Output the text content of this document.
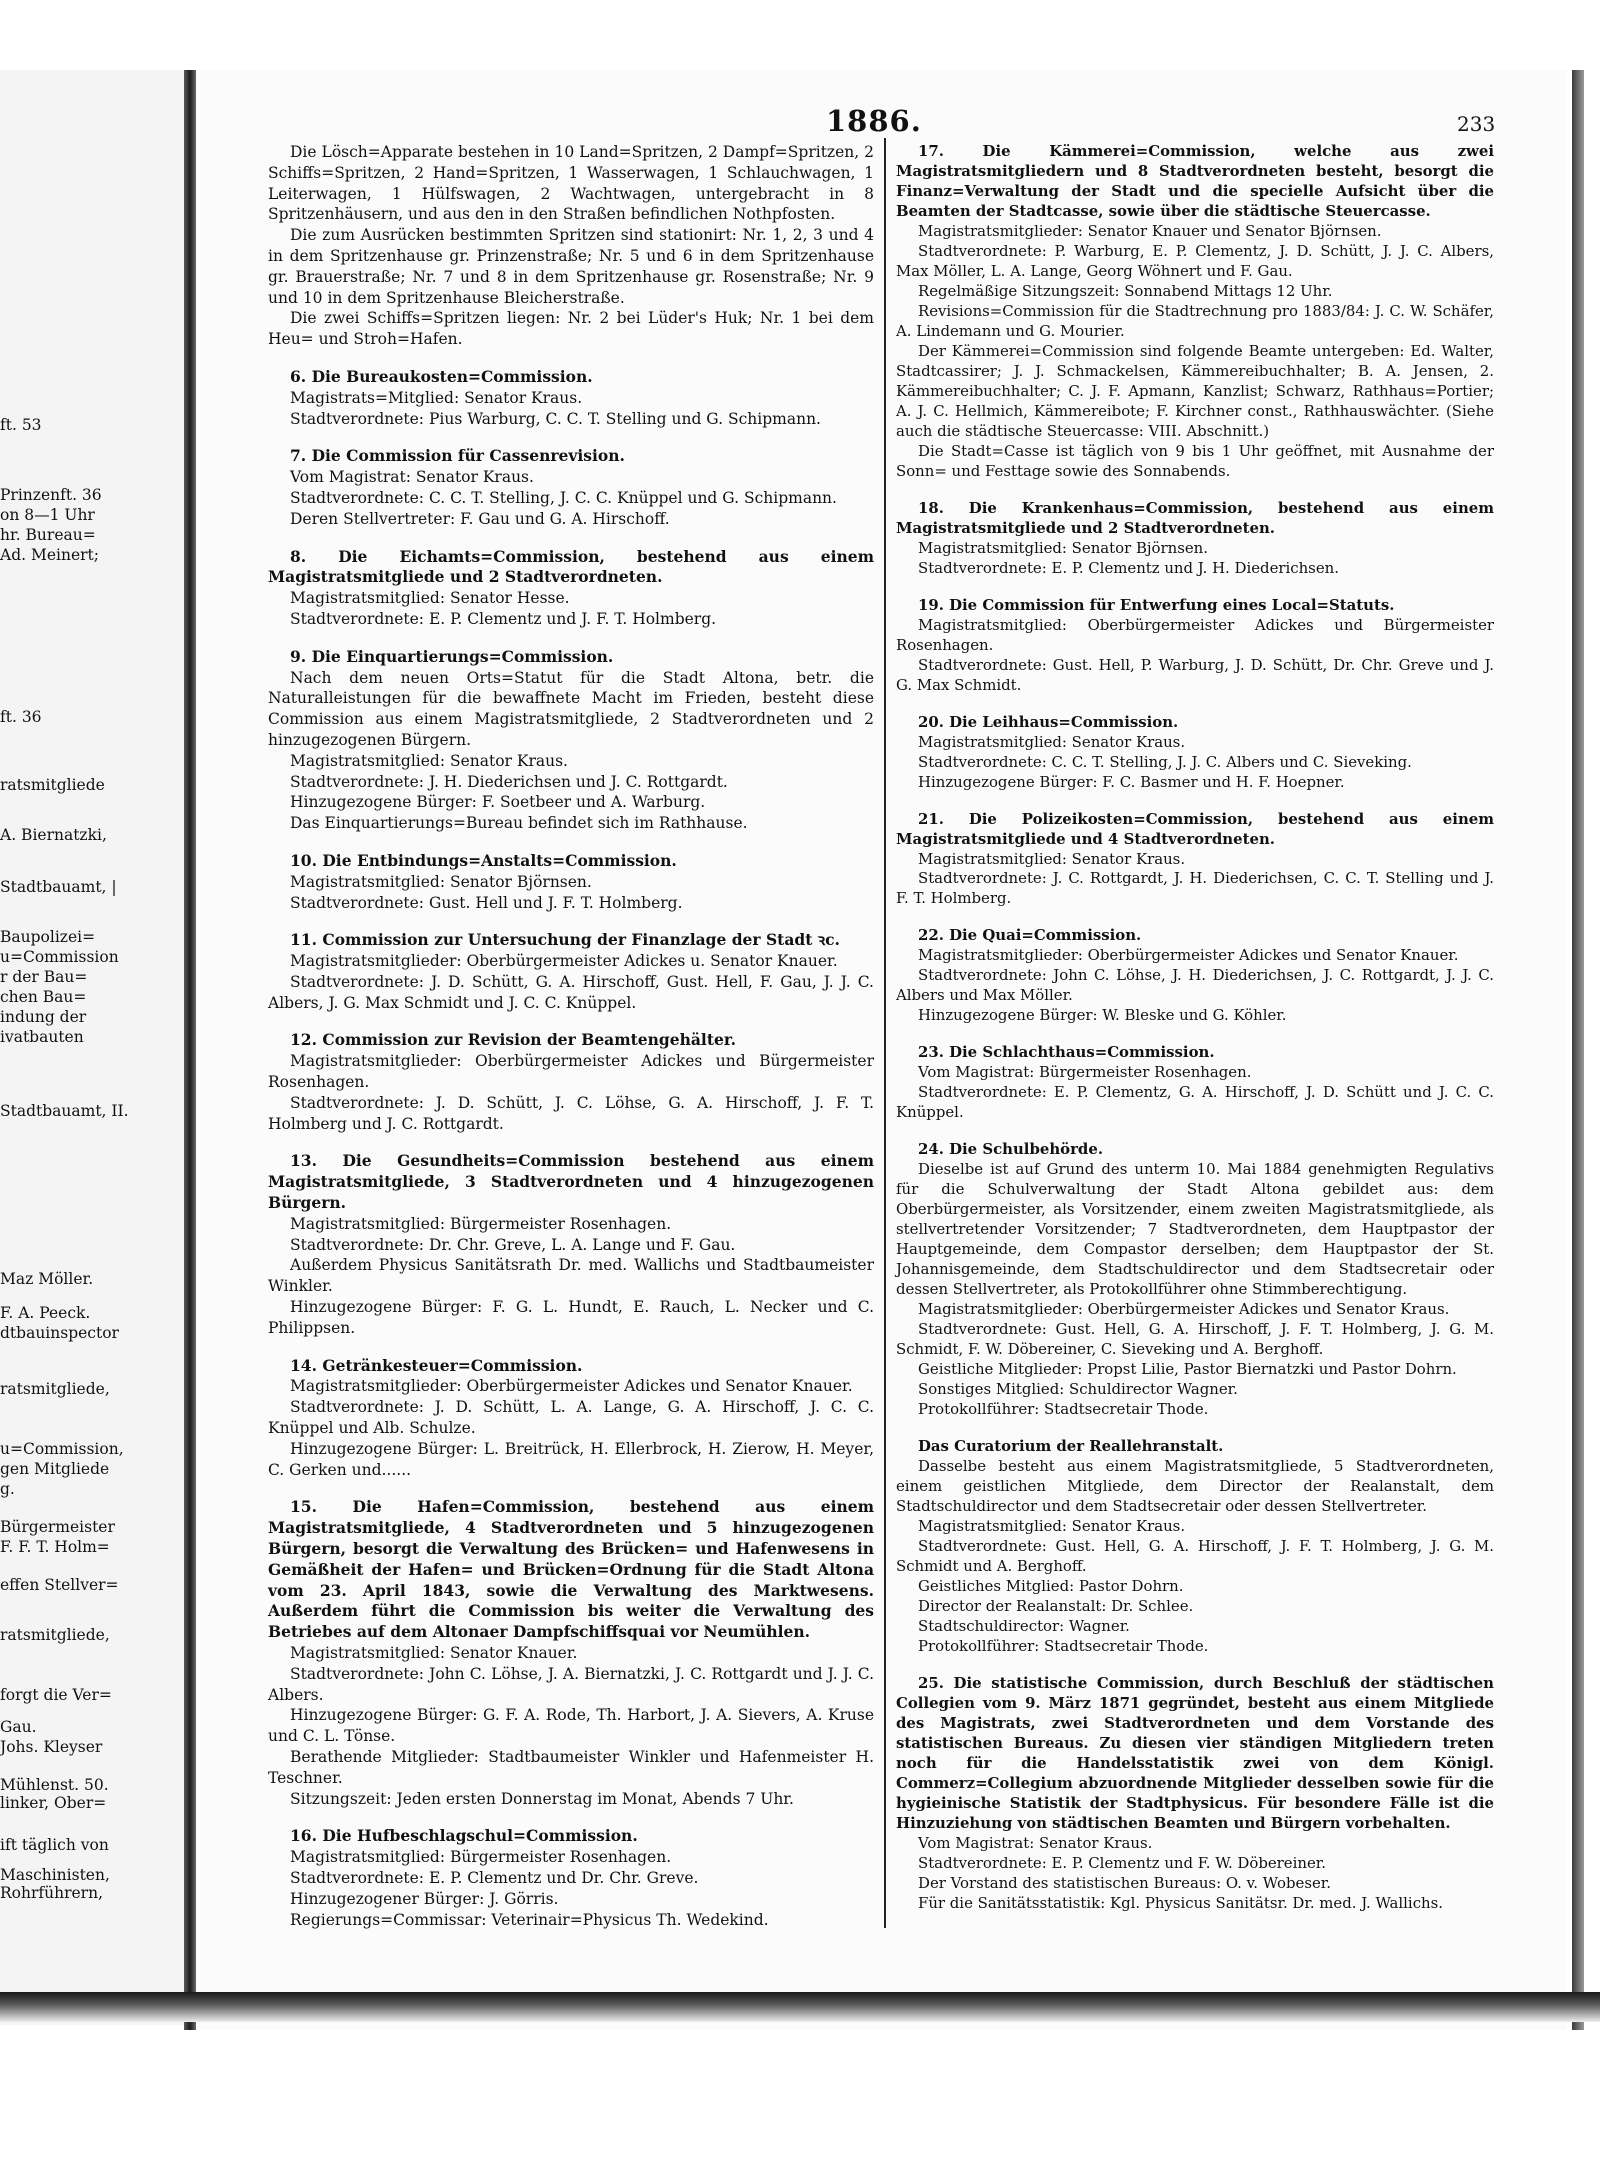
ft. 53
Prinzenft. 36
on 8—1 Uhr
hr. Bureau=
Ad. Meinert;
ft. 36
ratsmitgliede
A. Biernatzki,
Stadtbauamt, |
Baupolizei=
u=Commission
r der Bau=
chen Bau=
indung der
ivatbauten
Stadtbauamt, II.
Maz Möller.
F. A. Peeck.
dtbauinspector
ratsmitgliede,
u=Commission,
gen Mitgliede
g.
Bürgermeister
F. F. T. Holm=
effen Stellver=
ratsmitgliede,
forgt die Ver=
Gau.
Johs. Kleyser
Mühlenst. 50.
linker, Ober=
ift täglich von
Maschinisten,
Rohrführern,
1886.	233

Die Lösch=Apparate bestehen in 10 Land=Spritzen, 2 Dampf=Spritzen, 2 Schiffs=Spritzen, 2 Hand=Spritzen, 1 Wasserwagen, 1 Schlauchwagen, 1 Leiterwagen, 1 Hülfswagen, 2 Wachtwagen, untergebracht in 8 Spritzenhäusern, und aus den in den Straßen befindlichen Nothpfosten.

Die zum Ausrücken bestimmten Spritzen sind stationirt: Nr. 1, 2, 3 und 4 in dem Spritzenhause gr. Prinzenstraße; Nr. 5 und 6 in dem Spritzenhause gr. Brauerstraße; Nr. 7 und 8 in dem Spritzenhause gr. Rosenstraße; Nr. 9 und 10 in dem Spritzenhause Bleicherstraße.

Die zwei Schiffs=Spritzen liegen: Nr. 2 bei Lüder's Huk; Nr. 1 bei dem Heu= und Stroh=Hafen.

6. Die Bureaukosten=Commission.

Magistrats=Mitglied: Senator Kraus.

Stadtverordnete: Pius Warburg, C. C. T. Stelling und G. Schipmann.

7. Die Commission für Cassenrevision.

Vom Magistrat: Senator Kraus.

Stadtverordnete: C. C. T. Stelling, J. C. C. Knüppel und G. Schipmann.

Deren Stellvertreter: F. Gau und G. A. Hirschoff.

8. Die Eichamts=Commission, bestehend aus einem Magistratsmitgliede und 2 Stadtverordneten.

Magistratsmitglied: Senator Hesse.

Stadtverordnete: E. P. Clementz und J. F. T. Holmberg.

9. Die Einquartierungs=Commission.

Nach dem neuen Orts=Statut für die Stadt Altona, betr. die Naturalleistungen für die bewaffnete Macht im Frieden, besteht diese Commission aus einem Magistratsmitgliede, 2 Stadtverordneten und 2 hinzugezogenen Bürgern.

Magistratsmitglied: Senator Kraus.

Stadtverordnete: J. H. Diederichsen und J. C. Rottgardt.

Hinzugezogene Bürger: F. Soetbeer und A. Warburg.

Das Einquartierungs=Bureau befindet sich im Rathhause.

10. Die Entbindungs=Anstalts=Commission.

Magistratsmitglied: Senator Björnsen.

Stadtverordnete: Gust. Hell und J. F. T. Holmberg.

11. Commission zur Untersuchung der Finanzlage der Stadt ꝛc.

Magistratsmitglieder: Oberbürgermeister Adickes u. Senator Knauer.

Stadtverordnete: J. D. Schütt, G. A. Hirschoff, Gust. Hell, F. Gau, J. J. C. Albers, J. G. Max Schmidt und J. C. C. Knüppel.

12. Commission zur Revision der Beamtengehälter.

Magistratsmitglieder: Oberbürgermeister Adickes und Bürgermeister Rosenhagen.

Stadtverordnete: J. D. Schütt, J. C. Löhse, G. A. Hirschoff, J. F. T. Holmberg und J. C. Rottgardt.

13. Die Gesundheits=Commission bestehend aus einem Magistratsmitgliede, 3 Stadtverordneten und 4 hinzugezogenen Bürgern.

Magistratsmitglied: Bürgermeister Rosenhagen.

Stadtverordnete: Dr. Chr. Greve, L. A. Lange und F. Gau.

Außerdem Physicus Sanitätsrath Dr. med. Wallichs und Stadtbaumeister Winkler.

Hinzugezogene Bürger: F. G. L. Hundt, E. Rauch, L. Necker und C. Philippsen.

14. Getränkesteuer=Commission.

Magistratsmitglieder: Oberbürgermeister Adickes und Senator Knauer.

Stadtverordnete: J. D. Schütt, L. A. Lange, G. A. Hirschoff, J. C. C. Knüppel und Alb. Schulze.

Hinzugezogene Bürger: L. Breitrück, H. Ellerbrock, H. Zierow, H. Meyer, C. Gerken und......

15. Die Hafen=Commission, bestehend aus einem Magistratsmitgliede, 4 Stadtverordneten und 5 hinzugezogenen Bürgern, besorgt die Verwaltung des Brücken= und Hafenwesens in Gemäßheit der Hafen= und Brücken=Ordnung für die Stadt Altona vom 23. April 1843, sowie die Verwaltung des Marktwesens. Außerdem führt die Commission bis weiter die Verwaltung des Betriebes auf dem Altonaer Dampfschiffsquai vor Neumühlen.

Magistratsmitglied: Senator Knauer.

Stadtverordnete: John C. Löhse, J. A. Biernatzki, J. C. Rottgardt und J. J. C. Albers.

Hinzugezogene Bürger: G. F. A. Rode, Th. Harbort, J. A. Sievers, A. Kruse und C. L. Tönse.

Berathende Mitglieder: Stadtbaumeister Winkler und Hafenmeister H. Teschner.

Sitzungszeit: Jeden ersten Donnerstag im Monat, Abends 7 Uhr.

16. Die Hufbeschlagschul=Commission.

Magistratsmitglied: Bürgermeister Rosenhagen.

Stadtverordnete: E. P. Clementz und Dr. Chr. Greve.

Hinzugezogener Bürger: J. Görris.

Regierungs=Commissar: Veterinair=Physicus Th. Wedekind.

17. Die Kämmerei=Commission, welche aus zwei Magistratsmitgliedern und 8 Stadtverordneten besteht, besorgt die Finanz=Verwaltung der Stadt und die specielle Aufsicht über die Beamten der Stadtcasse, sowie über die städtische Steuercasse.

Magistratsmitglieder: Senator Knauer und Senator Björnsen.

Stadtverordnete: P. Warburg, E. P. Clementz, J. D. Schütt, J. J. C. Albers, Max Möller, L. A. Lange, Georg Wöhnert und F. Gau.

Regelmäßige Sitzungszeit: Sonnabend Mittags 12 Uhr.

Revisions=Commission für die Stadtrechnung pro 1883/84: J. C. W. Schäfer, A. Lindemann und G. Mourier.

Der Kämmerei=Commission sind folgende Beamte untergeben: Ed. Walter, Stadtcassirer; J. J. Schmackelsen, Kämmereibuchhalter; B. A. Jensen, 2. Kämmereibuchhalter; C. J. F. Apmann, Kanzlist; Schwarz, Rathhaus=Portier; A. J. C. Hellmich, Kämmereibote; F. Kirchner const., Rathhauswächter. (Siehe auch die städtische Steuercasse: VIII. Abschnitt.)

Die Stadt=Casse ist täglich von 9 bis 1 Uhr geöffnet, mit Ausnahme der Sonn= und Festtage sowie des Sonnabends.

18. Die Krankenhaus=Commission, bestehend aus einem Magistratsmitgliede und 2 Stadtverordneten.

Magistratsmitglied: Senator Björnsen.

Stadtverordnete: E. P. Clementz und J. H. Diederichsen.

19. Die Commission für Entwerfung eines Local=Statuts.

Magistratsmitglied: Oberbürgermeister Adickes und Bürgermeister Rosenhagen.

Stadtverordnete: Gust. Hell, P. Warburg, J. D. Schütt, Dr. Chr. Greve und J. G. Max Schmidt.

20. Die Leihhaus=Commission.

Magistratsmitglied: Senator Kraus.

Stadtverordnete: C. C. T. Stelling, J. J. C. Albers und C. Sieveking.

Hinzugezogene Bürger: F. C. Basmer und H. F. Hoepner.

21. Die Polizeikosten=Commission, bestehend aus einem Magistratsmitgliede und 4 Stadtverordneten.

Magistratsmitglied: Senator Kraus.

Stadtverordnete: J. C. Rottgardt, J. H. Diederichsen, C. C. T. Stelling und J. F. T. Holmberg.

22. Die Quai=Commission.

Magistratsmitglieder: Oberbürgermeister Adickes und Senator Knauer.

Stadtverordnete: John C. Löhse, J. H. Diederichsen, J. C. Rottgardt, J. J. C. Albers und Max Möller.

Hinzugezogene Bürger: W. Bleske und G. Köhler.

23. Die Schlachthaus=Commission.

Vom Magistrat: Bürgermeister Rosenhagen.

Stadtverordnete: E. P. Clementz, G. A. Hirschoff, J. D. Schütt und J. C. C. Knüppel.

24. Die Schulbehörde.

Dieselbe ist auf Grund des unterm 10. Mai 1884 genehmigten Regulativs für die Schulverwaltung der Stadt Altona gebildet aus: dem Oberbürgermeister, als Vorsitzender, einem zweiten Magistratsmitgliede, als stellvertretender Vorsitzender; 7 Stadtverordneten, dem Hauptpastor der Hauptgemeinde, dem Compastor derselben; dem Hauptpastor der St. Johannisgemeinde, dem Stadtschuldirector und dem Stadtsecretair oder dessen Stellvertreter, als Protokollführer ohne Stimmberechtigung.

Magistratsmitglieder: Oberbürgermeister Adickes und Senator Kraus.

Stadtverordnete: Gust. Hell, G. A. Hirschoff, J. F. T. Holmberg, J. G. M. Schmidt, F. W. Döbereiner, C. Sieveking und A. Berghoff.

Geistliche Mitglieder: Propst Lilie, Pastor Biernatzki und Pastor Dohrn.

Sonstiges Mitglied: Schuldirector Wagner.

Protokollführer: Stadtsecretair Thode.

Das Curatorium der Reallehranstalt.

Dasselbe besteht aus einem Magistratsmitgliede, 5 Stadtverordneten, einem geistlichen Mitgliede, dem Director der Realanstalt, dem Stadtschuldirector und dem Stadtsecretair oder dessen Stellvertreter.

Magistratsmitglied: Senator Kraus.

Stadtverordnete: Gust. Hell, G. A. Hirschoff, J. F. T. Holmberg, J. G. M. Schmidt und A. Berghoff.

Geistliches Mitglied: Pastor Dohrn.

Director der Realanstalt: Dr. Schlee.

Stadtschuldirector: Wagner.

Protokollführer: Stadtsecretair Thode.

25. Die statistische Commission, durch Beschluß der städtischen Collegien vom 9. März 1871 gegründet, besteht aus einem Mitgliede des Magistrats, zwei Stadtverordneten und dem Vorstande des statistischen Bureaus. Zu diesen vier ständigen Mitgliedern treten noch für die Handelsstatistik zwei von dem Königl. Commerz=Collegium abzuordnende Mitglieder desselben sowie für die hygieinische Statistik der Stadtphysicus. Für besondere Fälle ist die Hinzuziehung von städtischen Beamten und Bürgern vorbehalten.

Vom Magistrat: Senator Kraus.

Stadtverordnete: E. P. Clementz und F. W. Döbereiner.

Der Vorstand des statistischen Bureaus: O. v. Wobeser.

Für die Sanitätsstatistik: Kgl. Physicus Sanitätsr. Dr. med. J. Wallichs.
